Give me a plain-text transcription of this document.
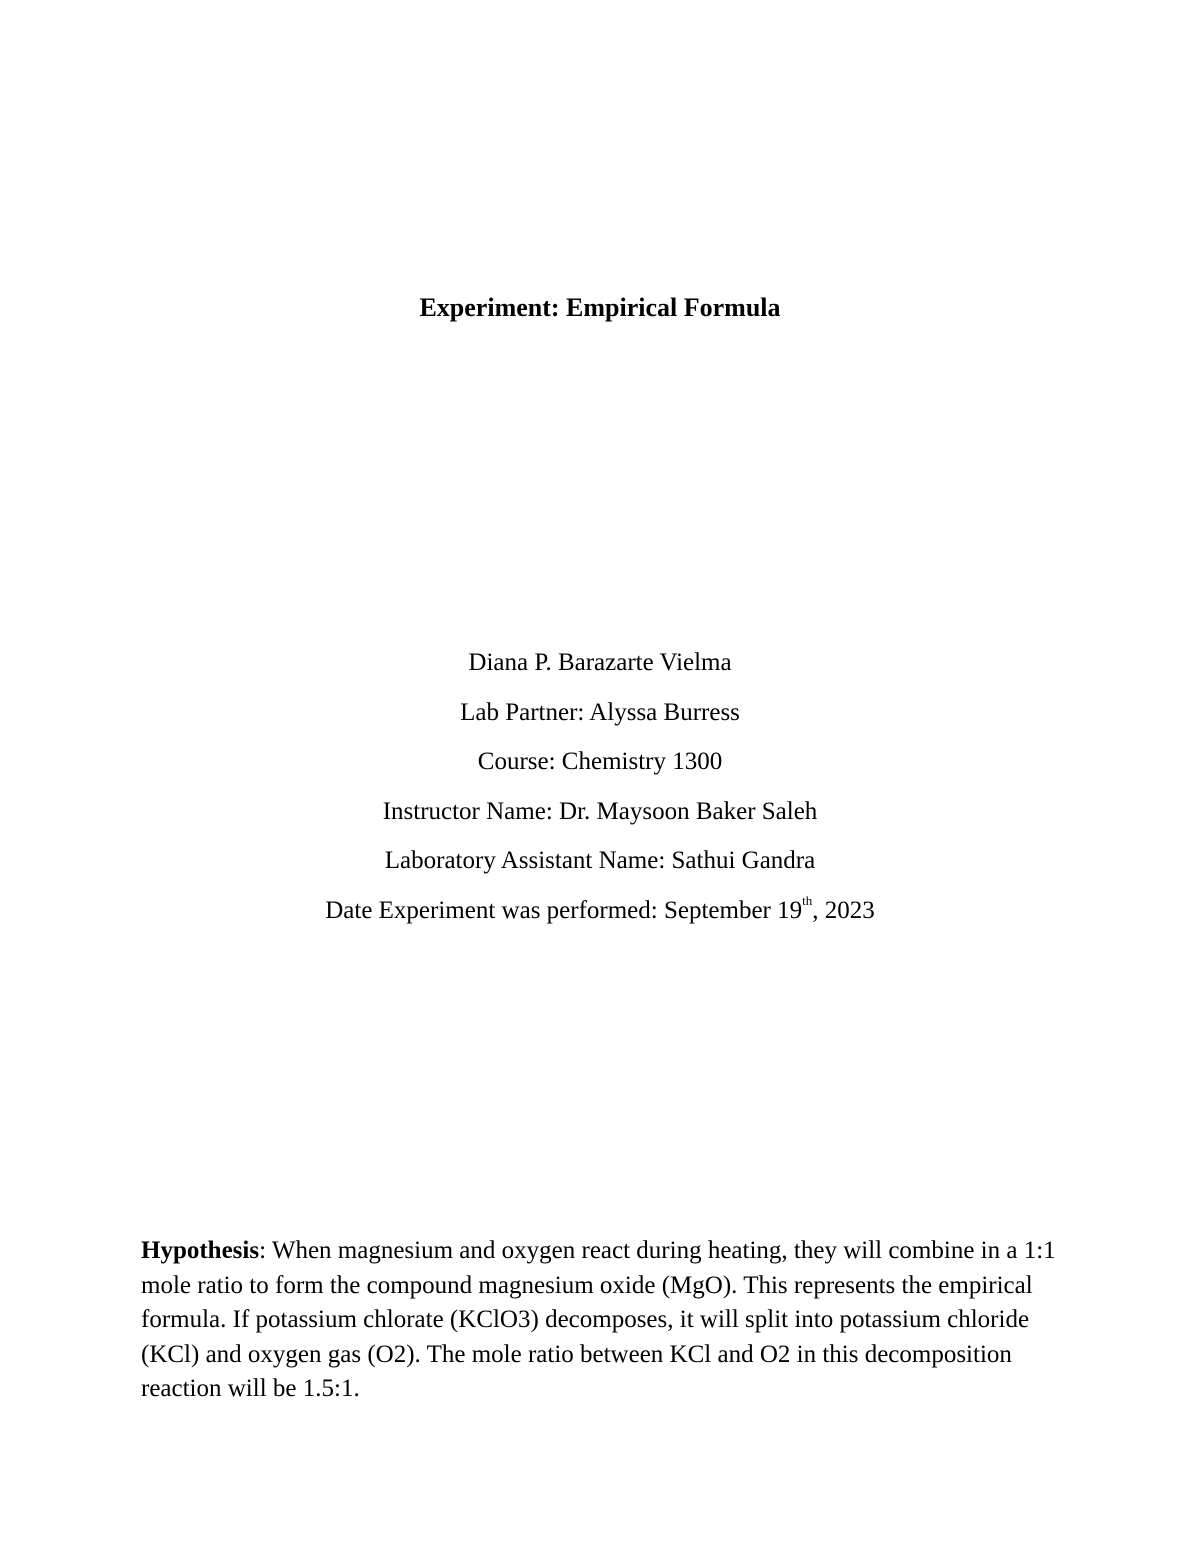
Experiment: Empirical Formula
Diana P. Barazarte Vielma
Lab Partner: Alyssa Burress
Course: Chemistry 1300
Instructor Name: Dr. Maysoon Baker Saleh
Laboratory Assistant Name: Sathui Gandra
Date Experiment was performed: September 19th, 2023

Hypothesis: When magnesium and oxygen react during heating, they will combine in a 1:1 mole ratio to form the compound magnesium oxide (MgO). This represents the empirical formula. If potassium chlorate (KClO3) decomposes, it will split into potassium chloride (KCl) and oxygen gas (O2). The mole ratio between KCl and O2 in this decomposition reaction will be 1.5:1.
